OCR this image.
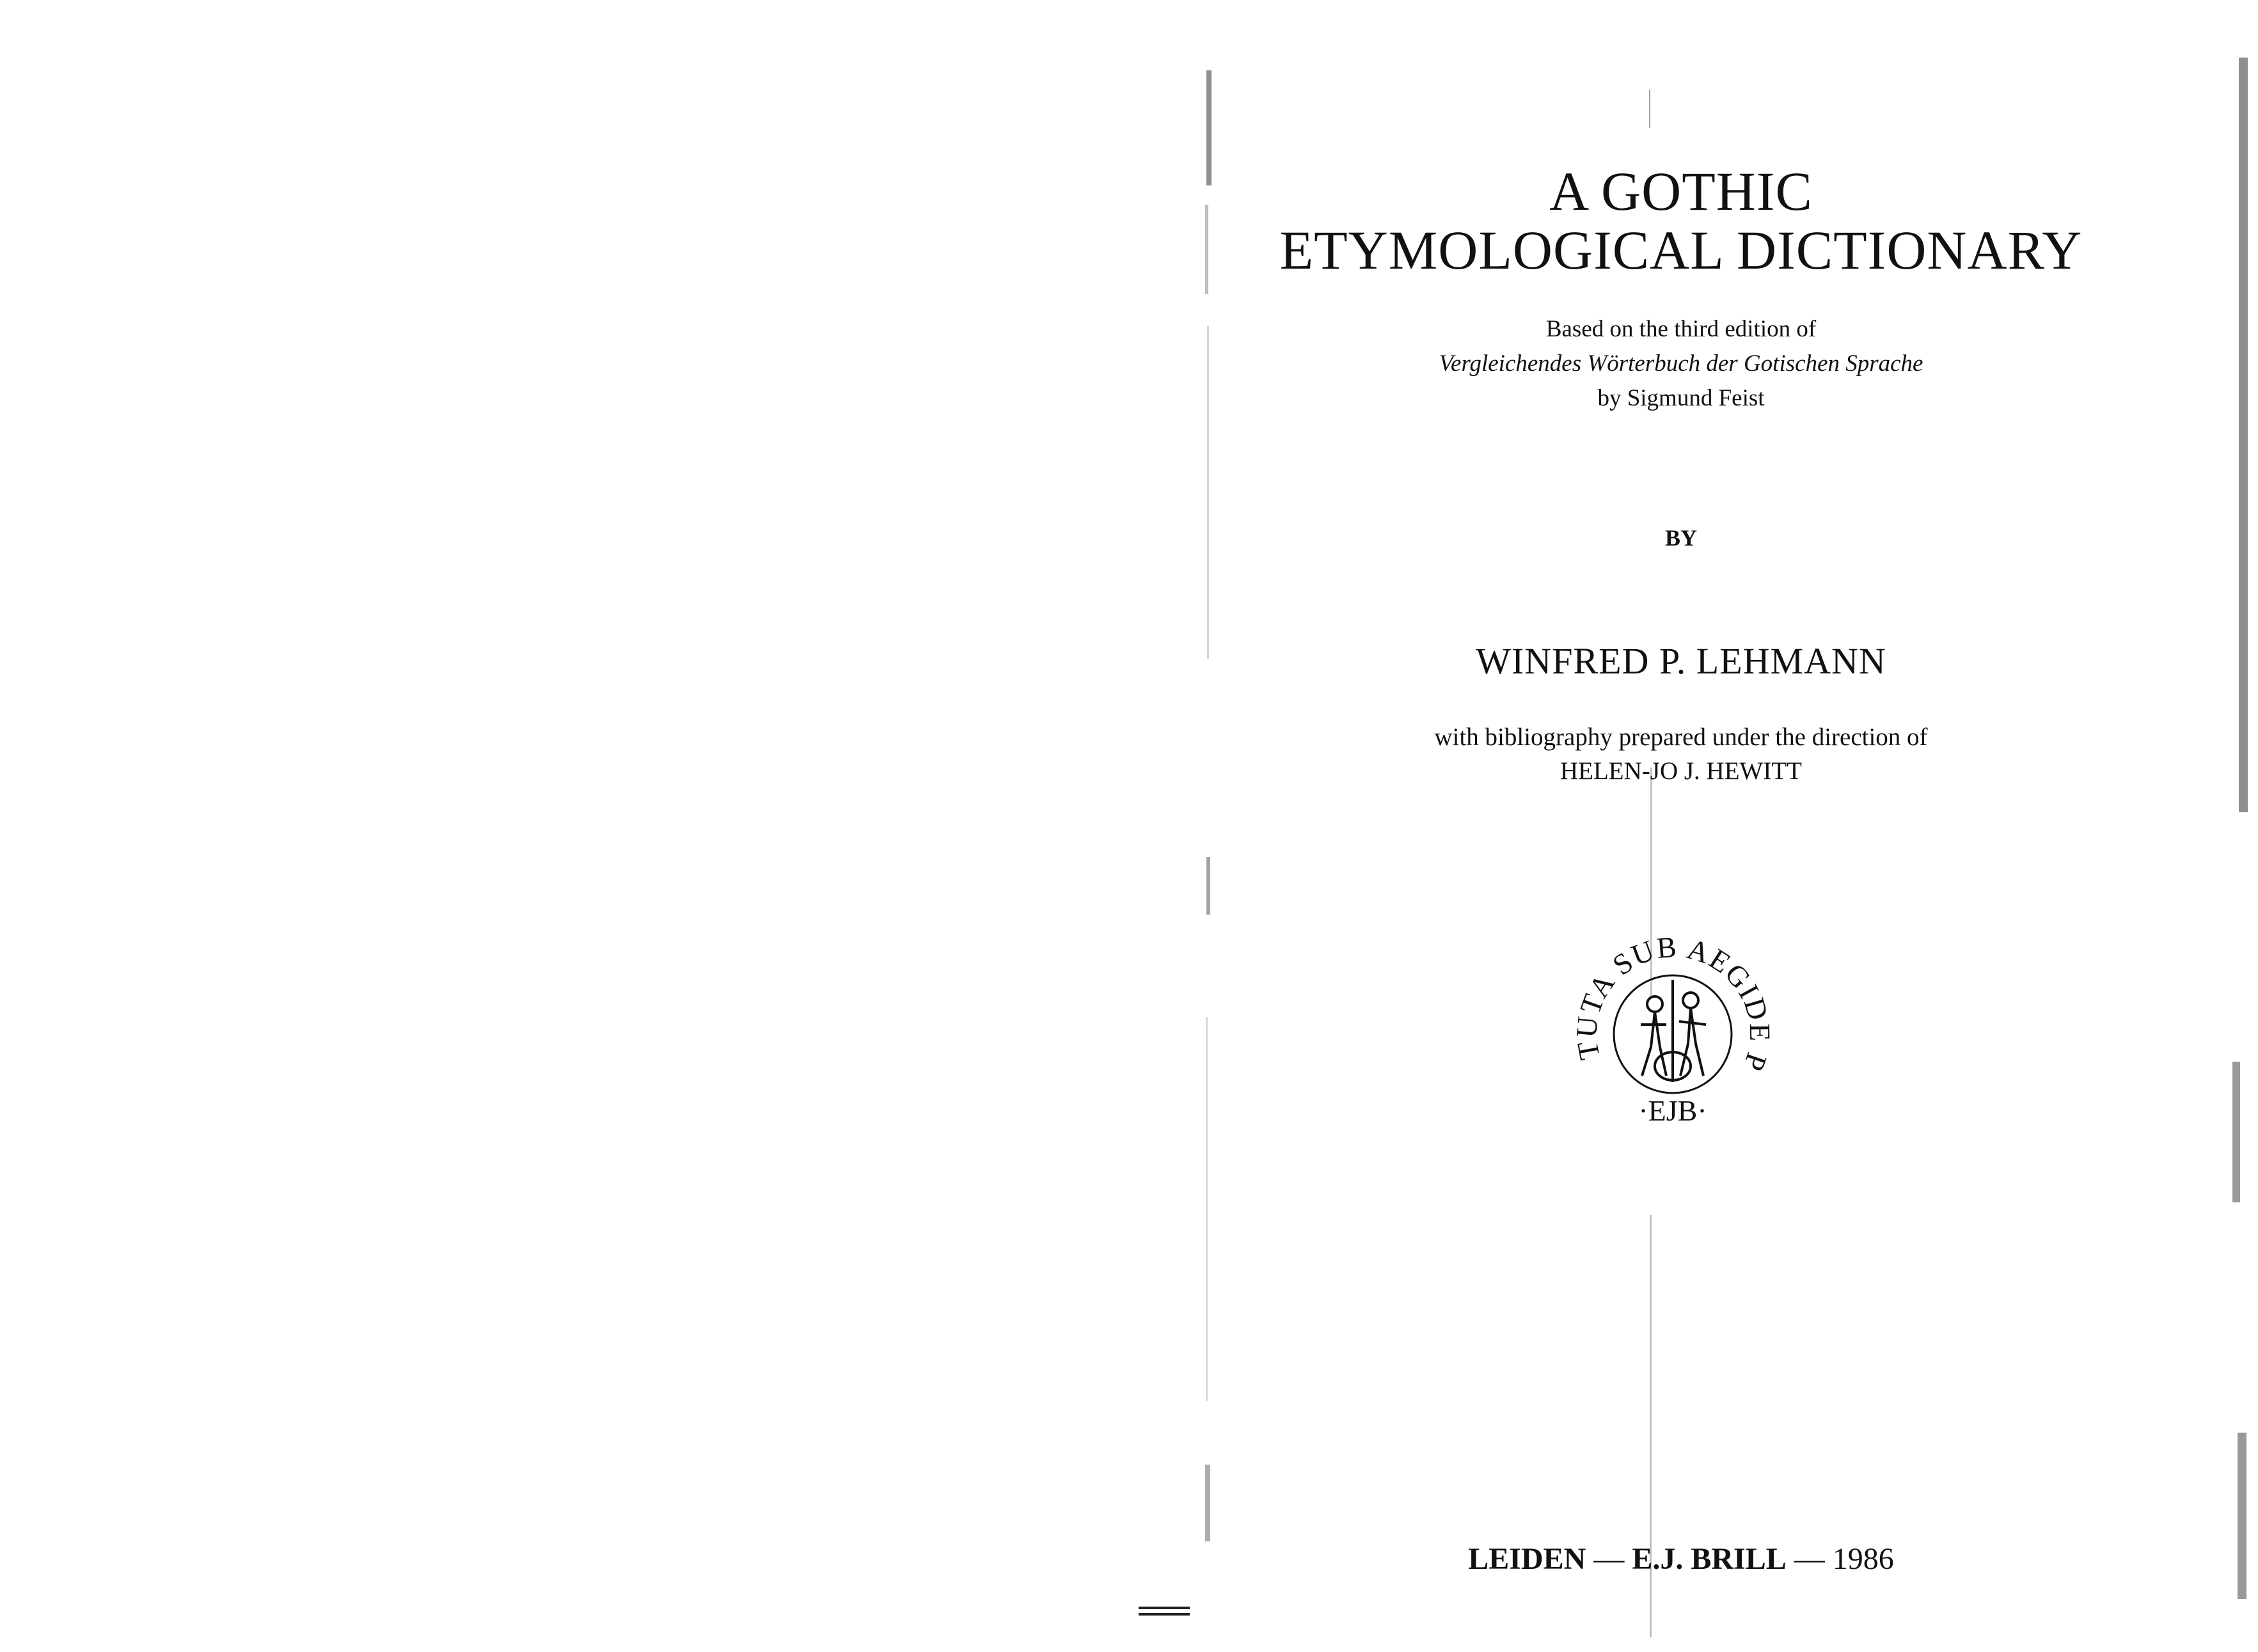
A GOTHIC
ETYMOLOGICAL DICTIONARY
Based on the third edition of
Vergleichendes Wörterbuch der Gotischen Sprache
by Sigmund Feist
BY
WINFRED P. LEHMANN
with bibliography prepared under the direction of
HELEN-JO J. HEWITT
TUTA SUB AEGIDE P
·EJB·
LEIDEN — E.J. BRILL — 1986
